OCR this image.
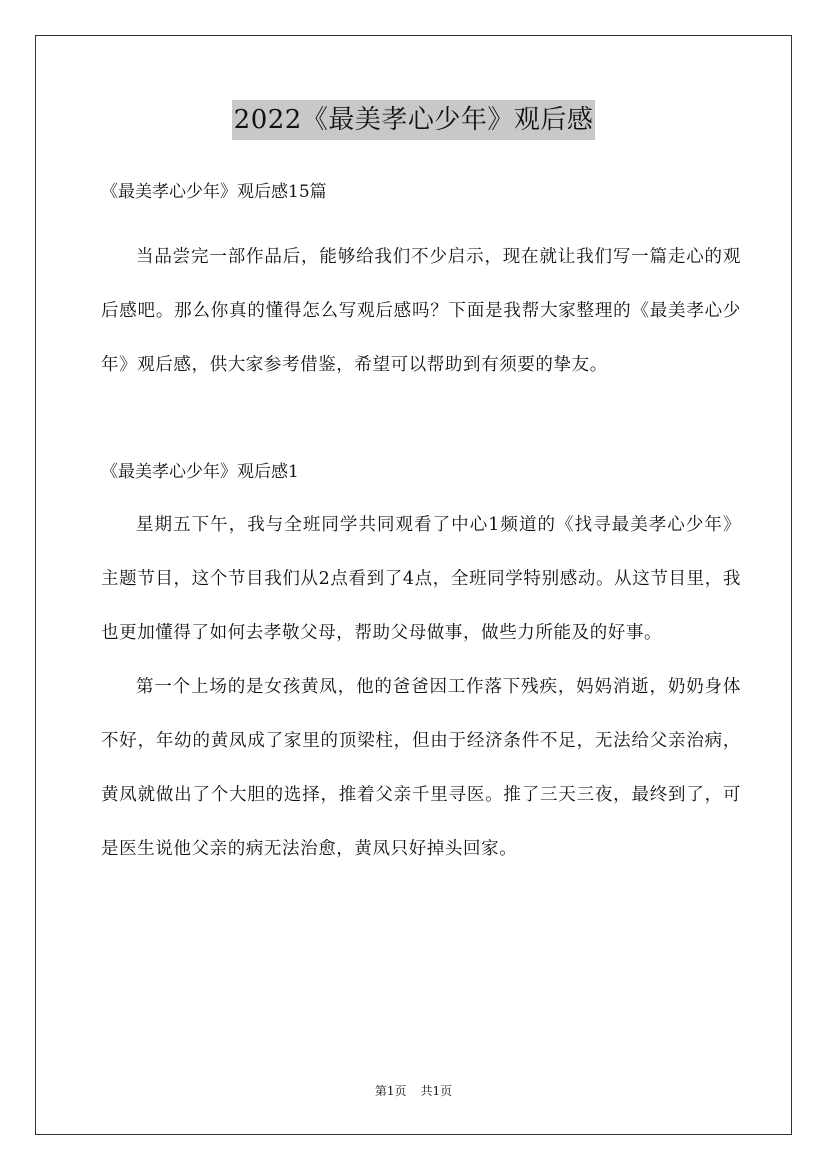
2022《最美孝心少年》观后感

《最美孝心少年》观后感15篇

当品尝完一部作品后，能够给我们不少启示，现在就让我们写一篇走心的观后感吧。那么你真的懂得怎么写观后感吗？下面是我帮大家整理的《最美孝心少年》观后感，供大家参考借鉴，希望可以帮助到有须要的挚友。

《最美孝心少年》观后感1

星期五下午，我与全班同学共同观看了中心1频道的《找寻最美孝心少年》主题节目，这个节目我们从2点看到了4点，全班同学特别感动。从这节目里，我也更加懂得了如何去孝敬父母，帮助父母做事，做些力所能及的好事。

第一个上场的是女孩黄凤，他的爸爸因工作落下残疾，妈妈消逝，奶奶身体不好，年幼的黄凤成了家里的顶梁柱，但由于经济条件不足，无法给父亲治病，黄凤就做出了个大胆的选择，推着父亲千里寻医。推了三天三夜，最终到了，可是医生说他父亲的病无法治愈，黄凤只好掉头回家。

第1页 共1页
